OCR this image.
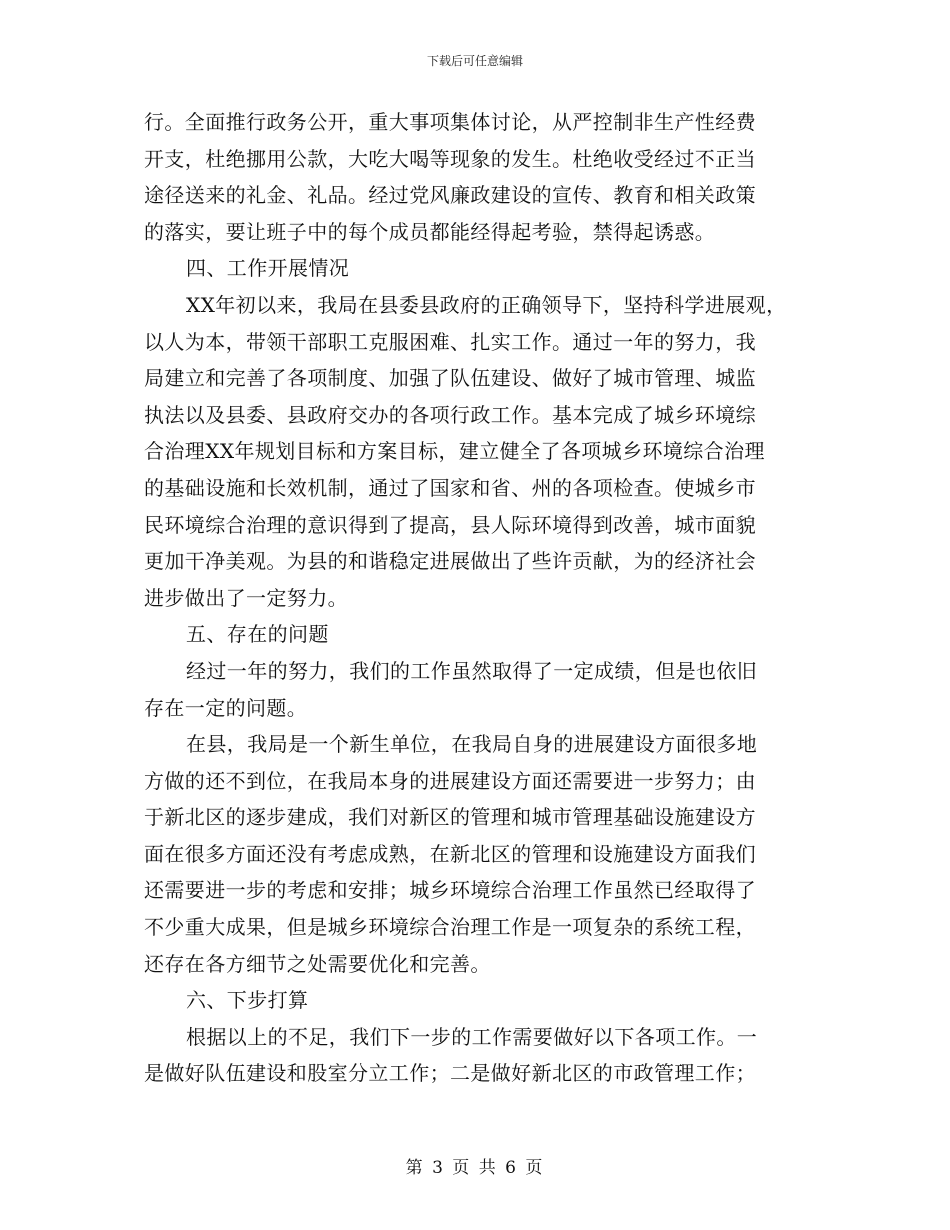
下载后可任意编辑
行。全面推行政务公开，重大事项集体讨论，从严控制非生产性经费
开支，杜绝挪用公款，大吃大喝等现象的发生。杜绝收受经过不正当
途径送来的礼金、礼品。经过党风廉政建设的宣传、教育和相关政策
的落实，要让班子中的每个成员都能经得起考验，禁得起诱惑。
四、工作开展情况
XX年初以来，我局在县委县政府的正确领导下，坚持科学进展观，
以人为本，带领干部职工克服困难、扎实工作。通过一年的努力，我
局建立和完善了各项制度、加强了队伍建设、做好了城市管理、城监
执法以及县委、县政府交办的各项行政工作。基本完成了城乡环境综
合治理XX年规划目标和方案目标，建立健全了各项城乡环境综合治理
的基础设施和长效机制，通过了国家和省、州的各项检查。使城乡市
民环境综合治理的意识得到了提高，县人际环境得到改善，城市面貌
更加干净美观。为县的和谐稳定进展做出了些许贡献，为的经济社会
进步做出了一定努力。
五、存在的问题
经过一年的努力，我们的工作虽然取得了一定成绩，但是也依旧
存在一定的问题。
在县，我局是一个新生单位，在我局自身的进展建设方面很多地
方做的还不到位，在我局本身的进展建设方面还需要进一步努力；由
于新北区的逐步建成，我们对新区的管理和城市管理基础设施建设方
面在很多方面还没有考虑成熟，在新北区的管理和设施建设方面我们
还需要进一步的考虑和安排；城乡环境综合治理工作虽然已经取得了
不少重大成果，但是城乡环境综合治理工作是一项复杂的系统工程，
还存在各方细节之处需要优化和完善。
六、下步打算
根据以上的不足，我们下一步的工作需要做好以下各项工作。一
是做好队伍建设和股室分立工作；二是做好新北区的市政管理工作；
第 3 页 共 6 页
